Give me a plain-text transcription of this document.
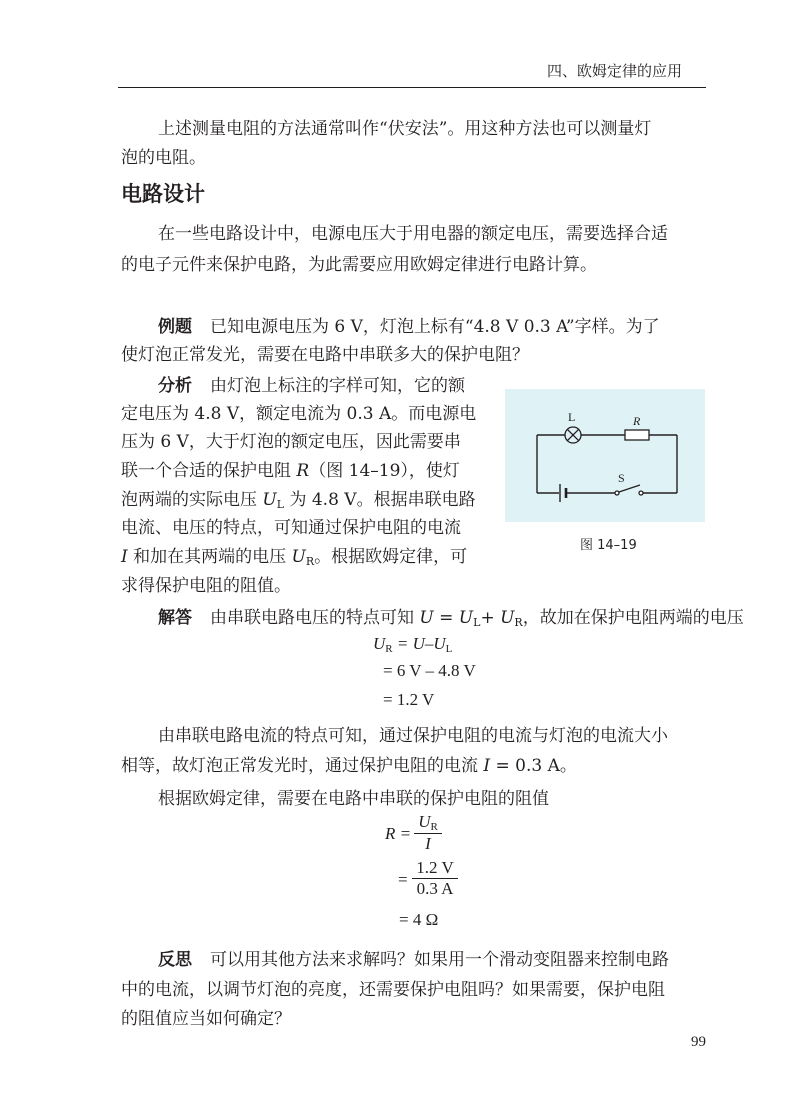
四、欧姆定律的应用
上述测量电阻的方法通常叫作“伏安法”。用这种方法也可以测量灯
泡的电阻。
电路设计
在一些电路设计中，电源电压大于用电器的额定电压，需要选择合适
的电子元件来保护电路，为此需要应用欧姆定律进行电路计算。
例题 已知电源电压为 6 V，灯泡上标有“4.8 V 0.3 A”字样。为了
使灯泡正常发光，需要在电路中串联多大的保护电阻？
分析 由灯泡上标注的字样可知，它的额
定电压为 4.8 V，额定电流为 0.3 A。而电源电
压为 6 V，大于灯泡的额定电压，因此需要串
联一个合适的保护电阻 R（图 14–19），使灯
泡两端的实际电压 $U_L$ 为 4.8 V。根据串联电路
电流、电压的特点，可知通过保护电阻的电流
I 和加在其两端的电压 $U_R$。根据欧姆定律，可
求得保护电阻的阻值。
L	R
S
图 14–19
解答 由串联电路电压的特点可知 $U = U_L+ U_R$，故加在保护电阻两端的电压
$U_R = U-U_L$
= 6 V – 4.8 V
= 1.2 V
由串联电路电流的特点可知，通过保护电阻的电流与灯泡的电流大小
相等，故灯泡正常发光时，通过保护电阻的电流 I = 0.3 A。
根据欧姆定律，需要在电路中串联的保护电阻的阻值
$R = \frac{U_R}{I}$
= $\frac{1.2 V}{0.3 A}$
= 4 Ω
反思 可以用其他方法来求解吗？如果用一个滑动变阻器来控制电路
中的电流，以调节灯泡的亮度，还需要保护电阻吗？如果需要，保护电阻
的阻值应当如何确定？
99
